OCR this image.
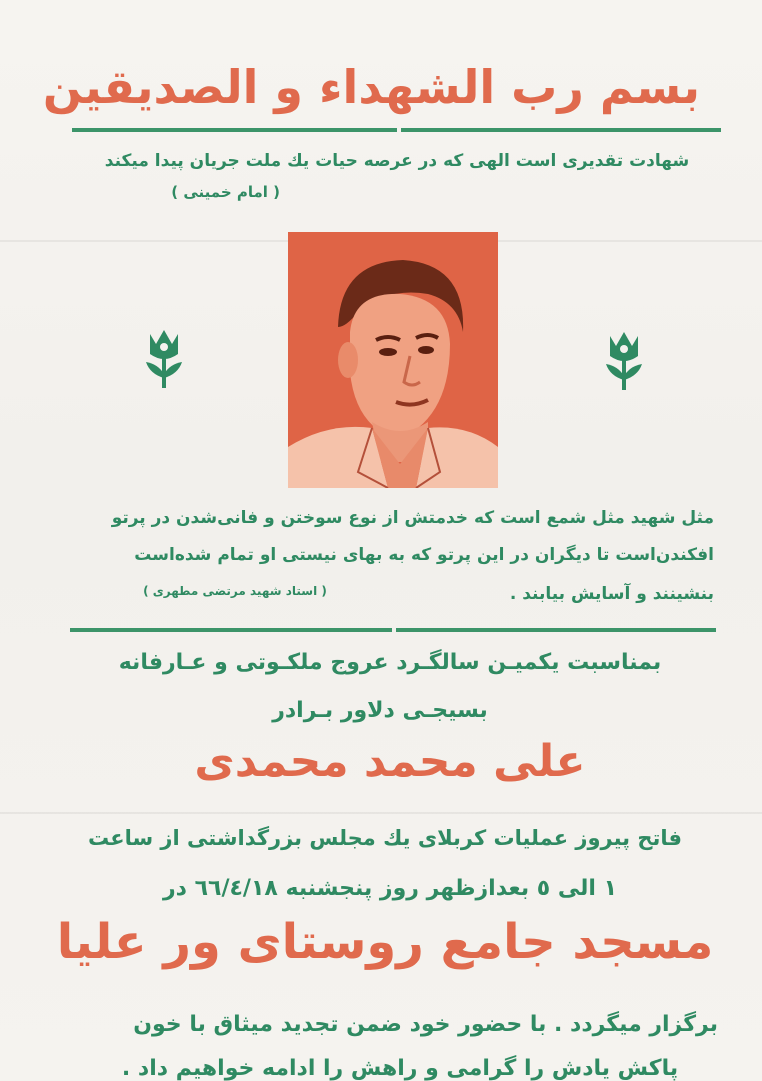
بسم رب الشهداء و الصديقين
شهادت تقديرى است الهى كه در عرصه حيات يك ملت جريان پيدا ميكند
( امام خمينى )
مثل شهيد مثل شمع است كه خدمتش از نوع سوختن و فانى‌شدن در پرتو
افكندن‌است تا ديگران در اين پرتو كه به بهاى نيستى او تمام شده‌است
بنشينند و آسايش بيابند .
( استاد شهيد مرتضى مطهرى )
بمناسبت يكميـن سالگـرد عروج ملكـوتى و عـارفانه
بسيجـى دلاور بـرادر
على محمد محمدى
فاتح پيروز عمليات كربلاى يك مجلس بزرگداشتى از ساعت
١ الى ٥ بعدازظهر روز پنجشنبه ٦٦/٤/١٨ در
مسجد جامع روستاى ور عليا
برگزار ميگردد . با حضور خود ضمن تجديد ميثاق با خون
پاكش يادش را گرامى و راهش را ادامه خواهيم داد .
